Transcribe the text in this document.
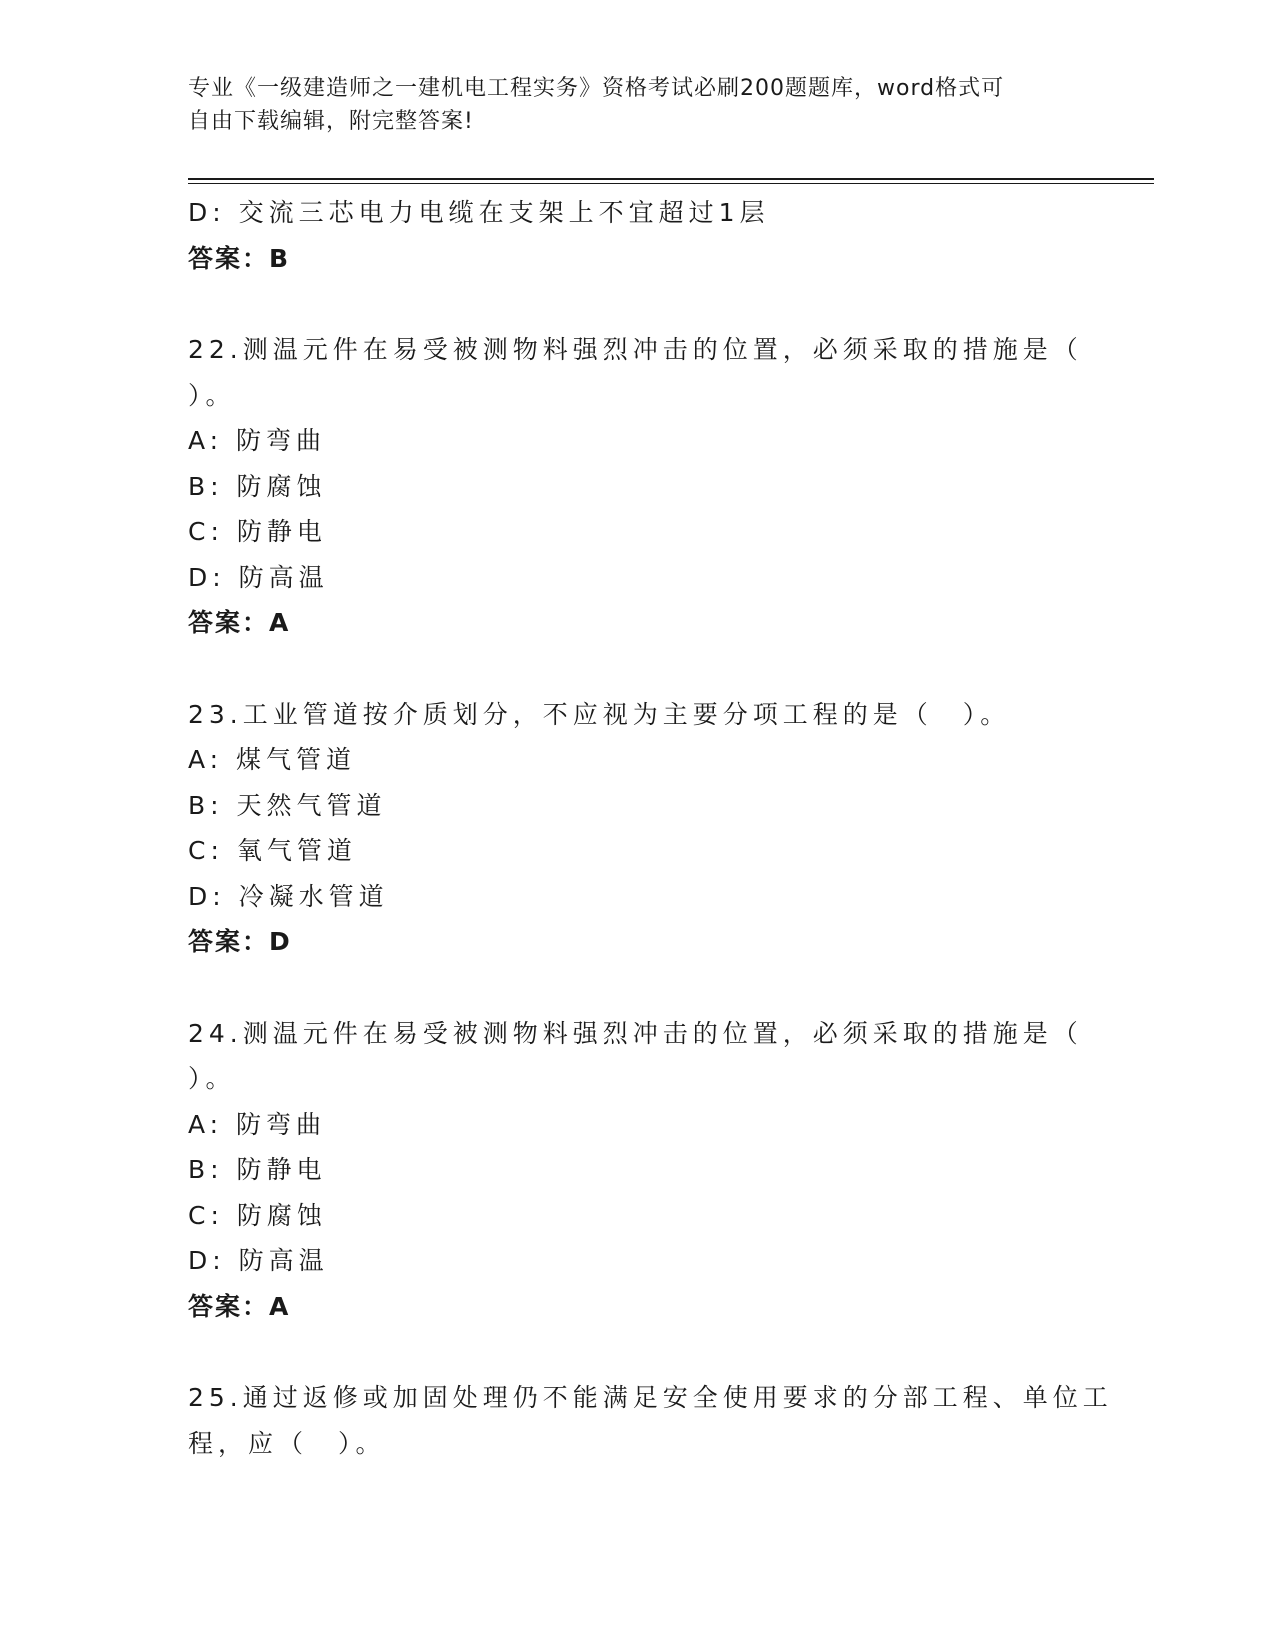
专业《一级建造师之一建机电工程实务》资格考试必刷200题题库，word格式可
自由下载编辑，附完整答案!
D: 交流三芯电力电缆在支架上不宜超过1层
答案：B
22.测温元件在易受被测物料强烈冲击的位置，必须采取的措施是（
）。
A: 防弯曲
B: 防腐蚀
C: 防静电
D: 防高温
答案：A
23.工业管道按介质划分，不应视为主要分项工程的是（　）。
A: 煤气管道
B: 天然气管道
C: 氧气管道
D: 冷凝水管道
答案：D
24.测温元件在易受被测物料强烈冲击的位置，必须采取的措施是（
）。
A: 防弯曲
B: 防静电
C: 防腐蚀
D: 防高温
答案：A
25.通过返修或加固处理仍不能满足安全使用要求的分部工程、单位工
程，应（　）。
